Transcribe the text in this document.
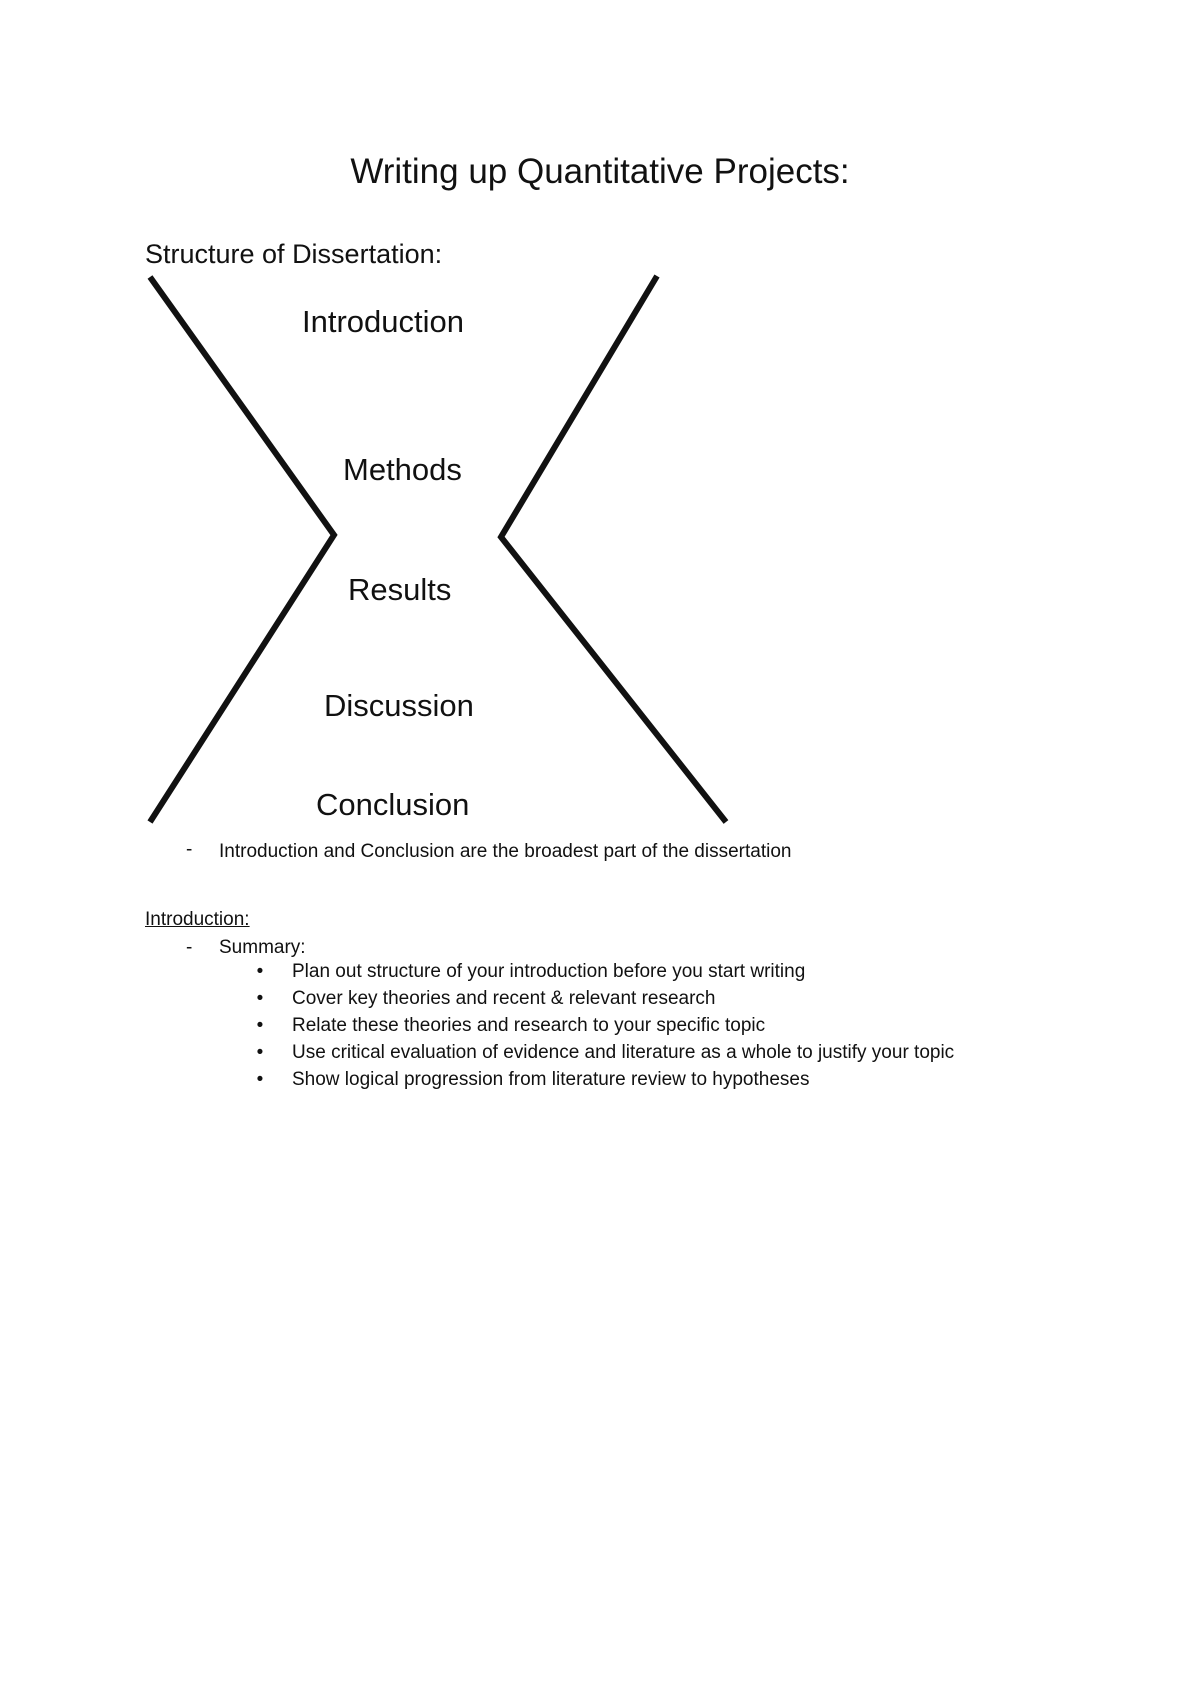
Writing up Quantitative Projects:
Structure of Dissertation:
Introduction
Methods
Results
Discussion
Conclusion
- Introduction and Conclusion are the broadest part of the dissertation
Introduction:
- Summary:
•	Plan out structure of your introduction before you start writing
•	Cover key theories and recent & relevant research
•	Relate these theories and research to your specific topic
•	Use critical evaluation of evidence and literature as a whole to justify your topic
•	Show logical progression from literature review to hypotheses
